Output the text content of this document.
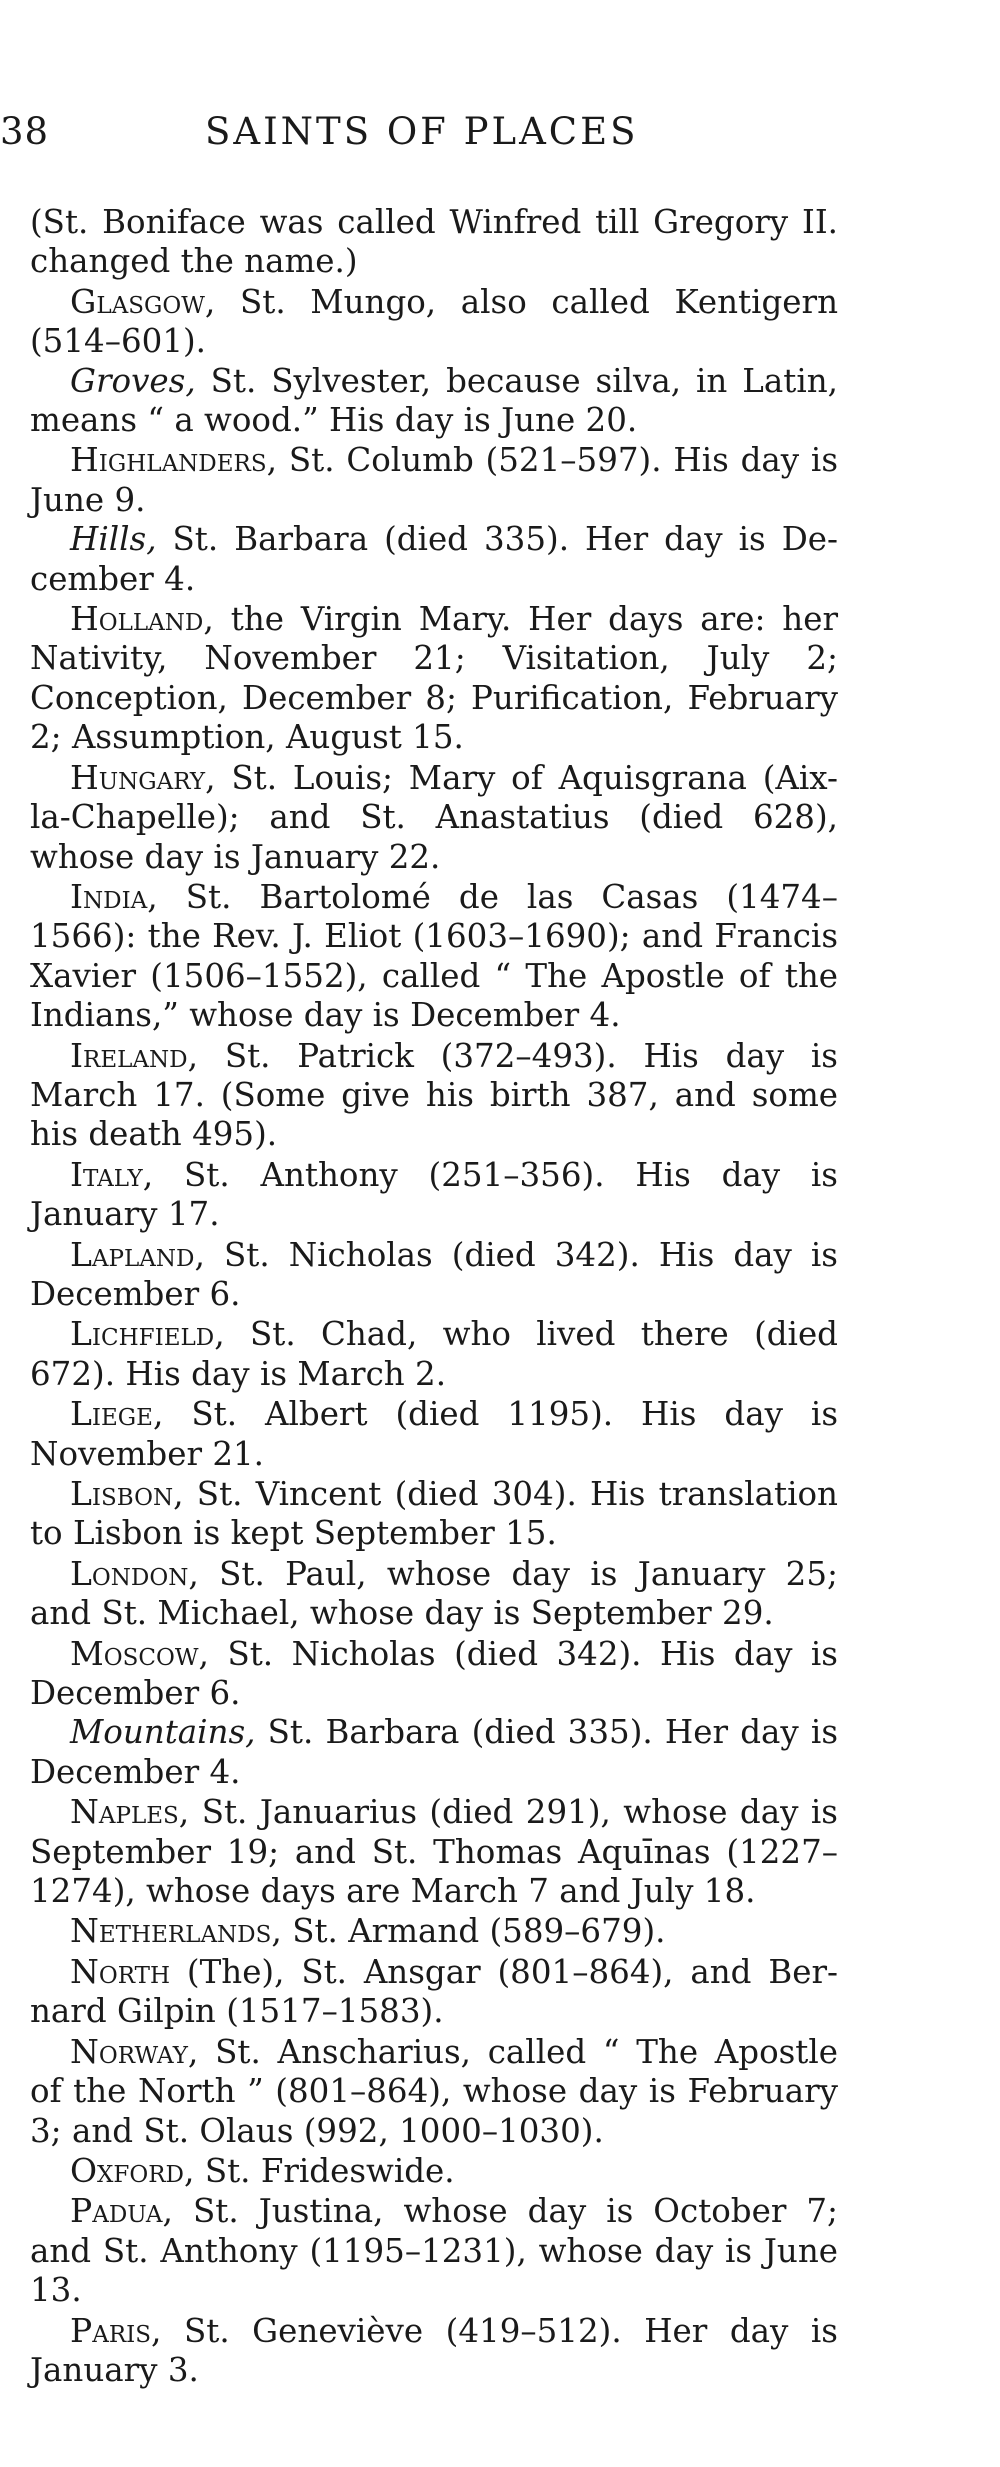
38	SAINTS OF PLACES

(St. Boniface was called Winfred till Gregory II. changed the name.)

Glasgow, St. Mungo, also called Kentigern (514–601).

Groves, St. Sylvester, because silva, in Latin, means “ a wood.” His day is June 20.

Highlanders, St. Columb (521–597). His day is June 9.

Hills, St. Barbara (died 335). Her day is December 4.

Holland, the Virgin Mary. Her days are: her Nativity, November 21; Visitation, July 2; Conception, December 8; Purification, February 2; Assumption, August 15.

Hungary, St. Louis; Mary of Aquisgrana (Aix-la-Chapelle); and St. Anastatius (died 628), whose day is January 22.

India, St. Bartolomé de las Casas (1474–1566): the Rev. J. Eliot (1603–1690); and Francis Xavier (1506–1552), called “ The Apostle of the Indians,” whose day is December 4.

Ireland, St. Patrick (372–493). His day is March 17. (Some give his birth 387, and some his death 495).

Italy, St. Anthony (251–356). His day is January 17.

Lapland, St. Nicholas (died 342). His day is December 6.

Lichfield, St. Chad, who lived there (died 672). His day is March 2.

Liege, St. Albert (died 1195). His day is November 21.

Lisbon, St. Vincent (died 304). His translation to Lisbon is kept September 15.

London, St. Paul, whose day is January 25; and St. Michael, whose day is September 29.

Moscow, St. Nicholas (died 342). His day is December 6.

Mountains, St. Barbara (died 335). Her day is December 4.

Naples, St. Januarius (died 291), whose day is September 19; and St. Thomas Aquīnas (1227–1274), whose days are March 7 and July 18.

Netherlands, St. Armand (589–679).

North (The), St. Ansgar (801–864), and Bernard Gilpin (1517–1583).

Norway, St. Anscharius, called “ The Apostle of the North ” (801–864), whose day is February 3; and St. Olaus (992, 1000–1030).

Oxford, St. Frideswide.

Padua, St. Justina, whose day is October 7; and St. Anthony (1195–1231), whose day is June 13.

Paris, St. Geneviève (419–512). Her day is January 3.
